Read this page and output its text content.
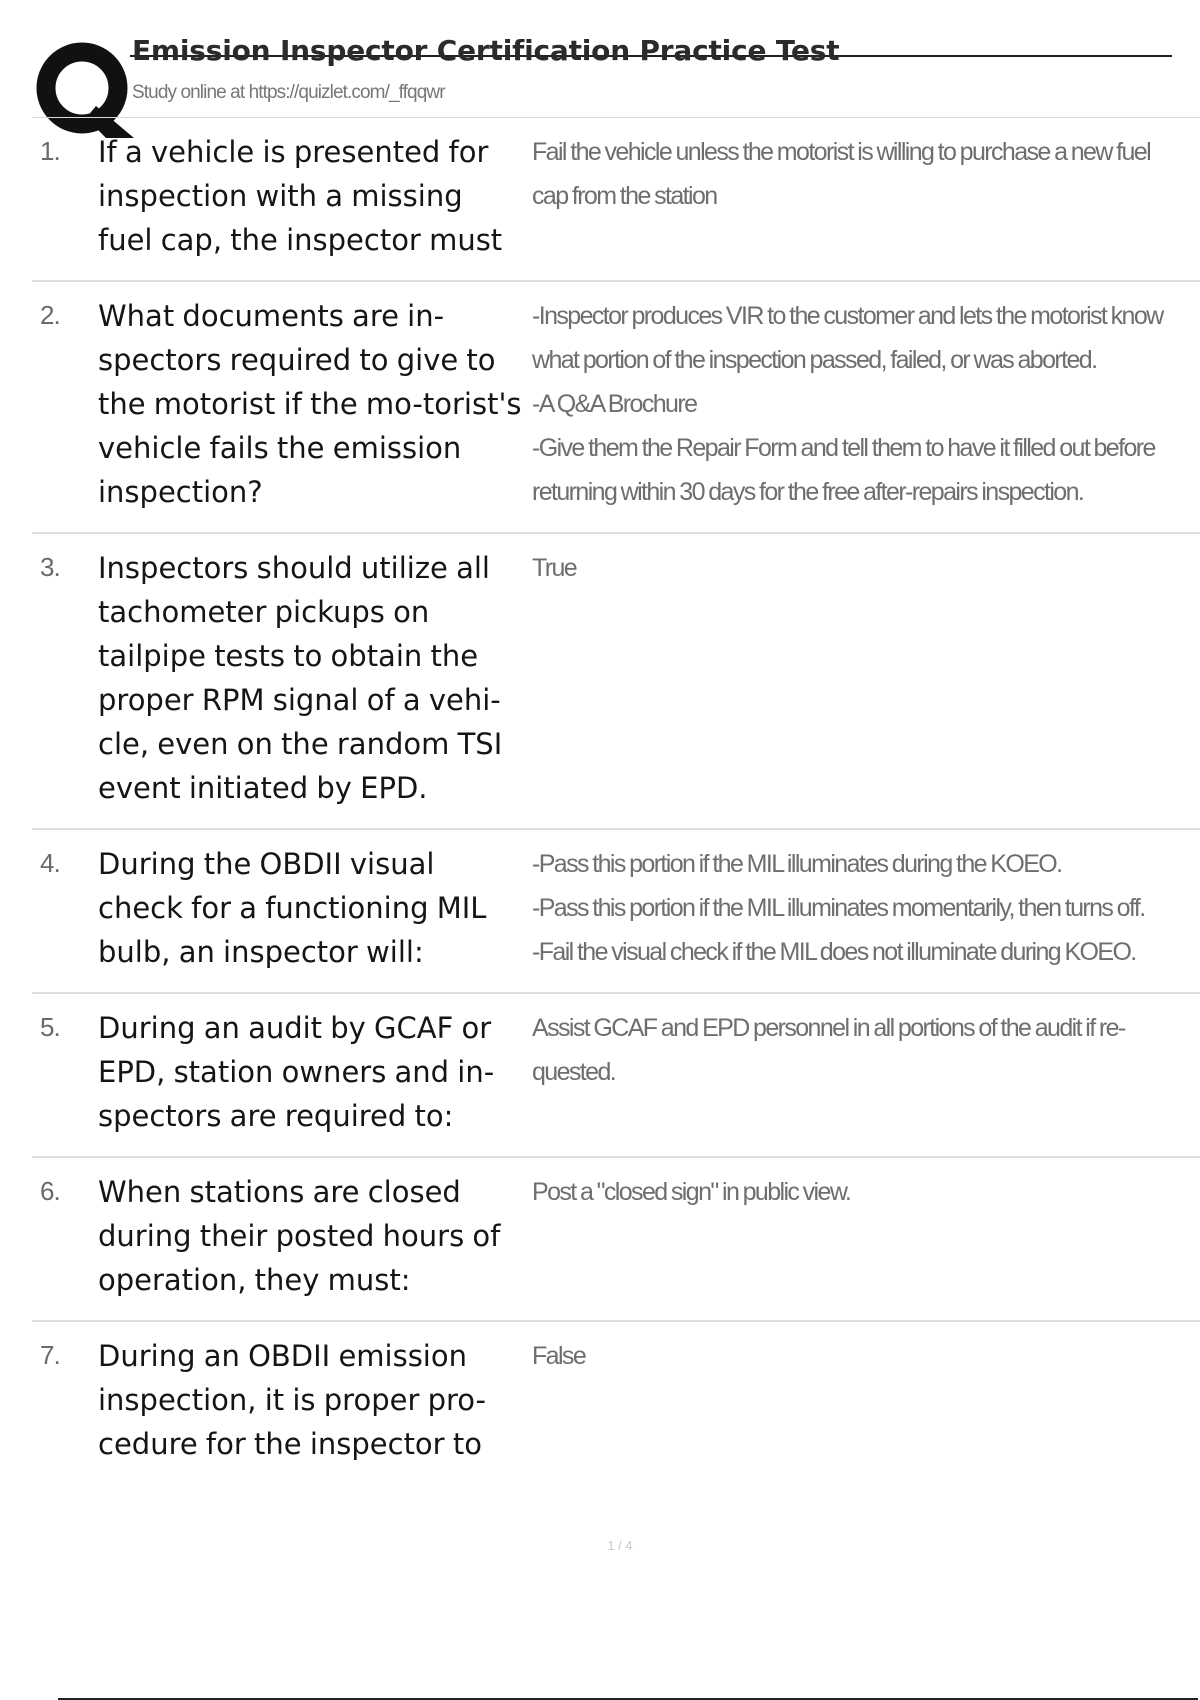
Emission Inspector Certification Practice Test
Study online at https://quizlet.com/_ffqqwr
1. If a vehicle is presented for inspection with a missing fuel cap, the inspector must
Fail the vehicle unless the motorist is willing to purchase a new fuel cap from the station
2. What documents are in-spectors required to give to the motorist if the mo-torist's vehicle fails the emission inspection?
-Inspector produces VIR to the customer and lets the motorist know what portion of the inspection passed, failed, or was aborted.
-A Q&A Brochure
-Give them the Repair Form and tell them to have it filled out before returning within 30 days for the free after-repairs inspection.
3. Inspectors should utilize all tachometer pickups on tailpipe tests to obtain the proper RPM signal of a vehi-cle, even on the random TSI event initiated by EPD.
True
4. During the OBDII visual check for a functioning MIL bulb, an inspector will:
-Pass this portion if the MIL illuminates during the KOEO.
-Pass this portion if the MIL illuminates momentarily, then turns off.
-Fail the visual check if the MIL does not illuminate during KOEO.
5. During an audit by GCAF or EPD, station owners and in-spectors are required to:
Assist GCAF and EPD personnel in all portions of the audit if re-quested.
6. When stations are closed during their posted hours of operation, they must:
Post a "closed sign" in public view.
7. During an OBDII emission inspection, it is proper pro-cedure for the inspector to
False
1 / 4
